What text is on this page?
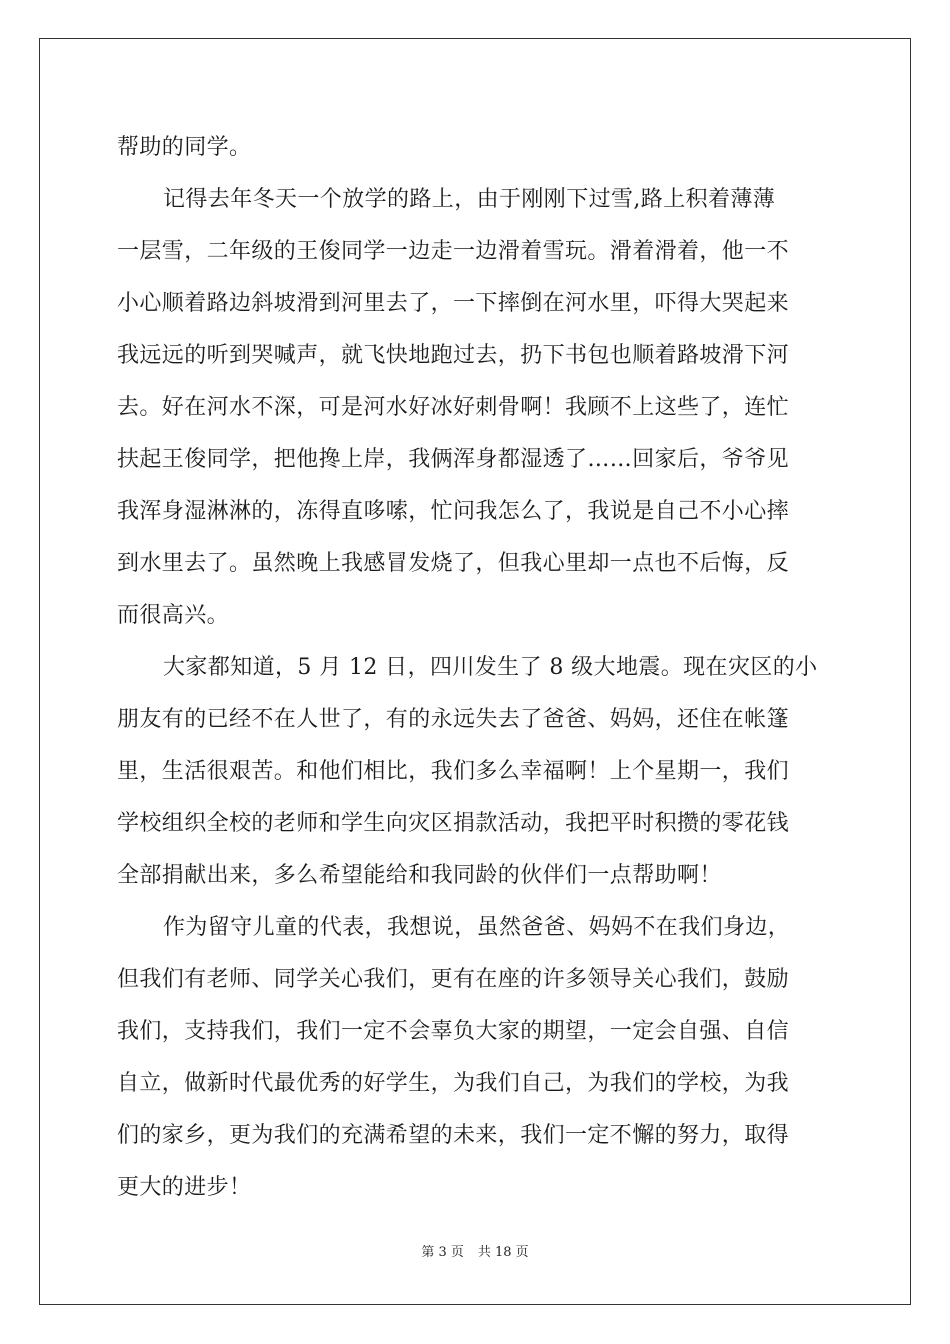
帮助的同学。
记得去年冬天一个放学的路上，由于刚刚下过雪,路上积着薄薄
一层雪，二年级的王俊同学一边走一边滑着雪玩。滑着滑着，他一不
小心顺着路边斜坡滑到河里去了，一下摔倒在河水里，吓得大哭起来
我远远的听到哭喊声，就飞快地跑过去，扔下书包也顺着路坡滑下河
去。好在河水不深，可是河水好冰好刺骨啊！我顾不上这些了，连忙
扶起王俊同学，把他搀上岸，我俩浑身都湿透了……回家后，爷爷见
我浑身湿淋淋的，冻得直哆嗦，忙问我怎么了，我说是自己不小心摔
到水里去了。虽然晚上我感冒发烧了，但我心里却一点也不后悔，反
而很高兴。
大家都知道，5 月 12 日，四川发生了 8 级大地震。现在灾区的小
朋友有的已经不在人世了，有的永远失去了爸爸、妈妈，还住在帐篷
里，生活很艰苦。和他们相比，我们多么幸福啊！上个星期一，我们
学校组织全校的老师和学生向灾区捐款活动，我把平时积攒的零花钱
全部捐献出来，多么希望能给和我同龄的伙伴们一点帮助啊！
作为留守儿童的代表，我想说，虽然爸爸、妈妈不在我们身边，
但我们有老师、同学关心我们，更有在座的许多领导关心我们，鼓励
我们，支持我们，我们一定不会辜负大家的期望，一定会自强、自信
自立，做新时代最优秀的好学生，为我们自己，为我们的学校，为我
们的家乡，更为我们的充满希望的未来，我们一定不懈的努力，取得
更大的进步！
第 3 页 共 18 页
